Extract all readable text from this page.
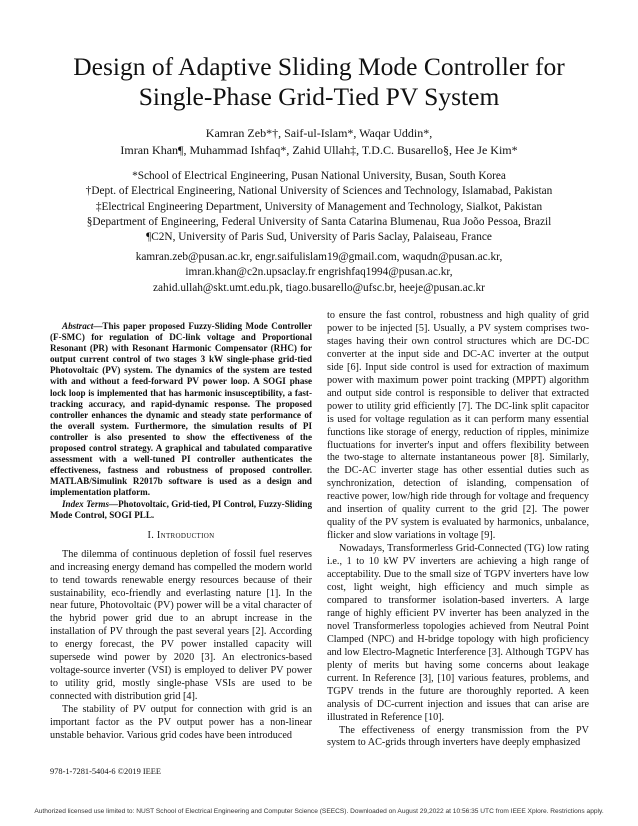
Design of Adaptive Sliding Mode Controller for
Single-Phase Grid-Tied PV System
Kamran Zeb*†, Saif-ul-Islam*, Waqar Uddin*,
Imran Khan¶, Muhammad Ishfaq*, Zahid Ullah‡, T.D.C. Busarello§, Hee Je Kim*
*School of Electrical Engineering, Pusan National University, Busan, South Korea
†Dept. of Electrical Engineering, National University of Sciences and Technology, Islamabad, Pakistan
‡Electrical Engineering Department, University of Management and Technology, Sialkot, Pakistan
§Department of Engineering, Federal University of Santa Catarina Blumenau, Rua Joõo Pessoa, Brazil
¶C2N, University of Paris Sud, University of Paris Saclay, Palaiseau, France
kamran.zeb@pusan.ac.kr, engr.saifulislam19@gmail.com, waqudn@pusan.ac.kr,
imran.khan@c2n.upsaclay.fr engrishfaq1994@pusan.ac.kr,
zahid.ullah@skt.umt.edu.pk, tiago.busarello@ufsc.br, heeje@pusan.ac.kr

Abstract—This paper proposed Fuzzy-Sliding Mode Controller (F-SMC) for regulation of DC-link voltage and Proportional Resonant (PR) with Resonant Harmonic Compensator (RHC) for output current control of two stages 3 kW single-phase grid-tied Photovoltaic (PV) system. The dynamics of the system are tested with and without a feed-forward PV power loop. A SOGI phase lock loop is implemented that has harmonic insusceptibility, a fast-tracking accuracy, and rapid-dynamic response. The proposed controller enhances the dynamic and steady state performance of the overall system. Furthermore, the simulation results of PI controller is also presented to show the effectiveness of the proposed control strategy. A graphical and tabulated comparative assessment with a well-tuned PI controller authenticates the effectiveness, fastness and robustness of proposed controller. MATLAB/Simulink R2017b software is used as a design and implementation platform.

Index Terms—Photovoltaic, Grid-tied, PI Control, Fuzzy-Sliding Mode Control, SOGI PLL.

I. Introduction

The dilemma of continuous depletion of fossil fuel reserves and increasing energy demand has compelled the modern world to tend towards renewable energy resources because of their sustainability, eco-friendly and everlasting nature [1]. In the near future, Photovoltaic (PV) power will be a vital character of the hybrid power grid due to an abrupt increase in the installation of PV through the past several years [2]. According to energy forecast, the PV power installed capacity will supersede wind power by 2020 [3]. An electronics-based voltage-source inverter (VSI) is employed to deliver PV power to utility grid, mostly single-phase VSIs are used to be connected with distribution grid [4].

The stability of PV output for connection with grid is an important factor as the PV output power has a non-linear unstable behavior. Various grid codes have been introduced

to ensure the fast control, robustness and high quality of grid power to be injected [5]. Usually, a PV system comprises two-stages having their own control structures which are DC-DC converter at the input side and DC-AC inverter at the output side [6]. Input side control is used for extraction of maximum power with maximum power point tracking (MPPT) algorithm and output side control is responsible to deliver that extracted power to utility grid efficiently [7]. The DC-link split capacitor is used for voltage regulation as it can perform many essential functions like storage of energy, reduction of ripples, minimize fluctuations for inverter's input and offers flexibility between the two-stage to alternate instantaneous power [8]. Similarly, the DC-AC inverter stage has other essential duties such as synchronization, detection of islanding, compensation of reactive power, low/high ride through for voltage and frequency and insertion of quality current to the grid [2]. The power quality of the PV system is evaluated by harmonics, unbalance, flicker and slow variations in voltage [9].

Nowadays, Transformerless Grid-Connected (TG) low rating i.e., 1 to 10 kW PV inverters are achieving a high range of acceptability. Due to the small size of TGPV inverters have low cost, light weight, high efficiency and much simple as compared to transformer isolation-based inverters. A large range of highly efficient PV inverter has been analyzed in the novel Transformerless topologies achieved from Neutral Point Clamped (NPC) and H-bridge topology with high proficiency and low Electro-Magnetic Interference [3]. Although TGPV has plenty of merits but having some concerns about leakage current. In Reference [3], [10] various features, problems, and TGPV trends in the future are thoroughly reported. A keen analysis of DC-current injection and issues that can arise are illustrated in Reference [10].

The effectiveness of energy transmission from the PV system to AC-grids through inverters have deeply emphasized

978-1-7281-5404-6 ©2019 IEEE
Authorized licensed use limited to: NUST School of Electrical Engineering and Computer Science (SEECS). Downloaded on August 29,2022 at 10:56:35 UTC from IEEE Xplore. Restrictions apply.
